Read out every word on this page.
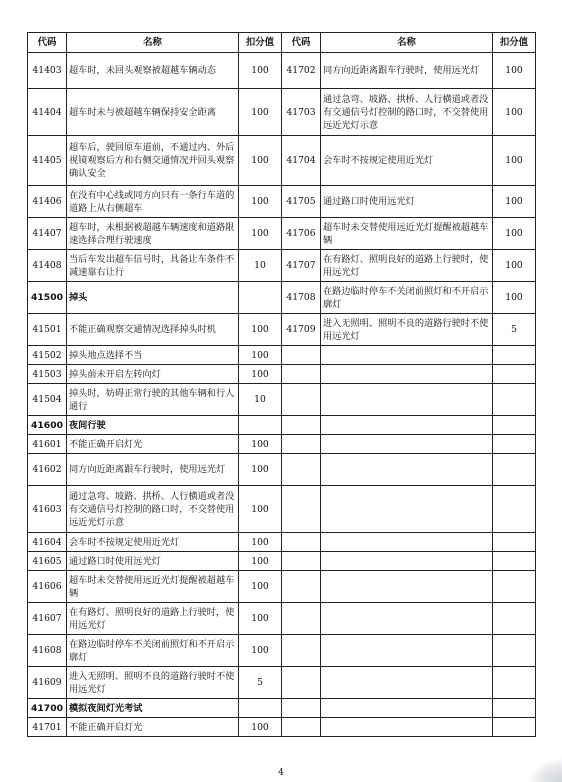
代码	名称	扣分值	代码	名称	扣分值
41403	超车时，未回头观察被超越车辆动态	100	41702	同方向近距离跟车行驶时，使用远光灯	100
41404	超车时未与被超越车辆保持安全距离	100	41703	通过急弯、坡路、拱桥、人行横道或者没有交通信号灯控制的路口时，不交替使用远近光灯示意	100
41405	超车后，驶回原车道前，不通过内、外后视镜观察后方和右侧交通情况并回头观察确认安全	100	41704	会车时不按规定使用近光灯	100
41406	在没有中心线或同方向只有一条行车道的道路上从右侧超车	100	41705	通过路口时使用远光灯	100
41407	超车时，未根据被超越车辆速度和道路限速选择合理行驶速度	100	41706	超车时未交替使用远近光灯提醒被超越车辆	100
41408	当后车发出超车信号时，具备让车条件不减速靠右让行	10	41707	在有路灯、照明良好的道路上行驶时，使用远光灯	100
41500	掉头		41708	在路边临时停车不关闭前照灯和不开启示廓灯	100
41501	不能正确观察交通情况选择掉头时机	100	41709	进入无照明、照明不良的道路行驶时不使用远光灯	5
41502	掉头地点选择不当	100			
41503	掉头前未开启左转向灯	100			
41504	掉头时，妨碍正常行驶的其他车辆和行人通行	10			
41600	夜间行驶				
41601	不能正确开启灯光	100			
41602	同方向近距离跟车行驶时，使用远光灯	100			
41603	通过急弯、坡路、拱桥、人行横道或者没有交通信号灯控制的路口时，不交替使用远近光灯示意	100			
41604	会车时不按规定使用近光灯	100			
41605	通过路口时使用远光灯	100			
41606	超车时未交替使用远近光灯提醒被超越车辆	100			
41607	在有路灯、照明良好的道路上行驶时，使用远光灯	100			
41608	在路边临时停车不关闭前照灯和不开启示廓灯	100			
41609	进入无照明、照明不良的道路行驶时不使用远光灯	5			
41700	模拟夜间灯光考试				
41701	不能正确开启灯光	100			
4
